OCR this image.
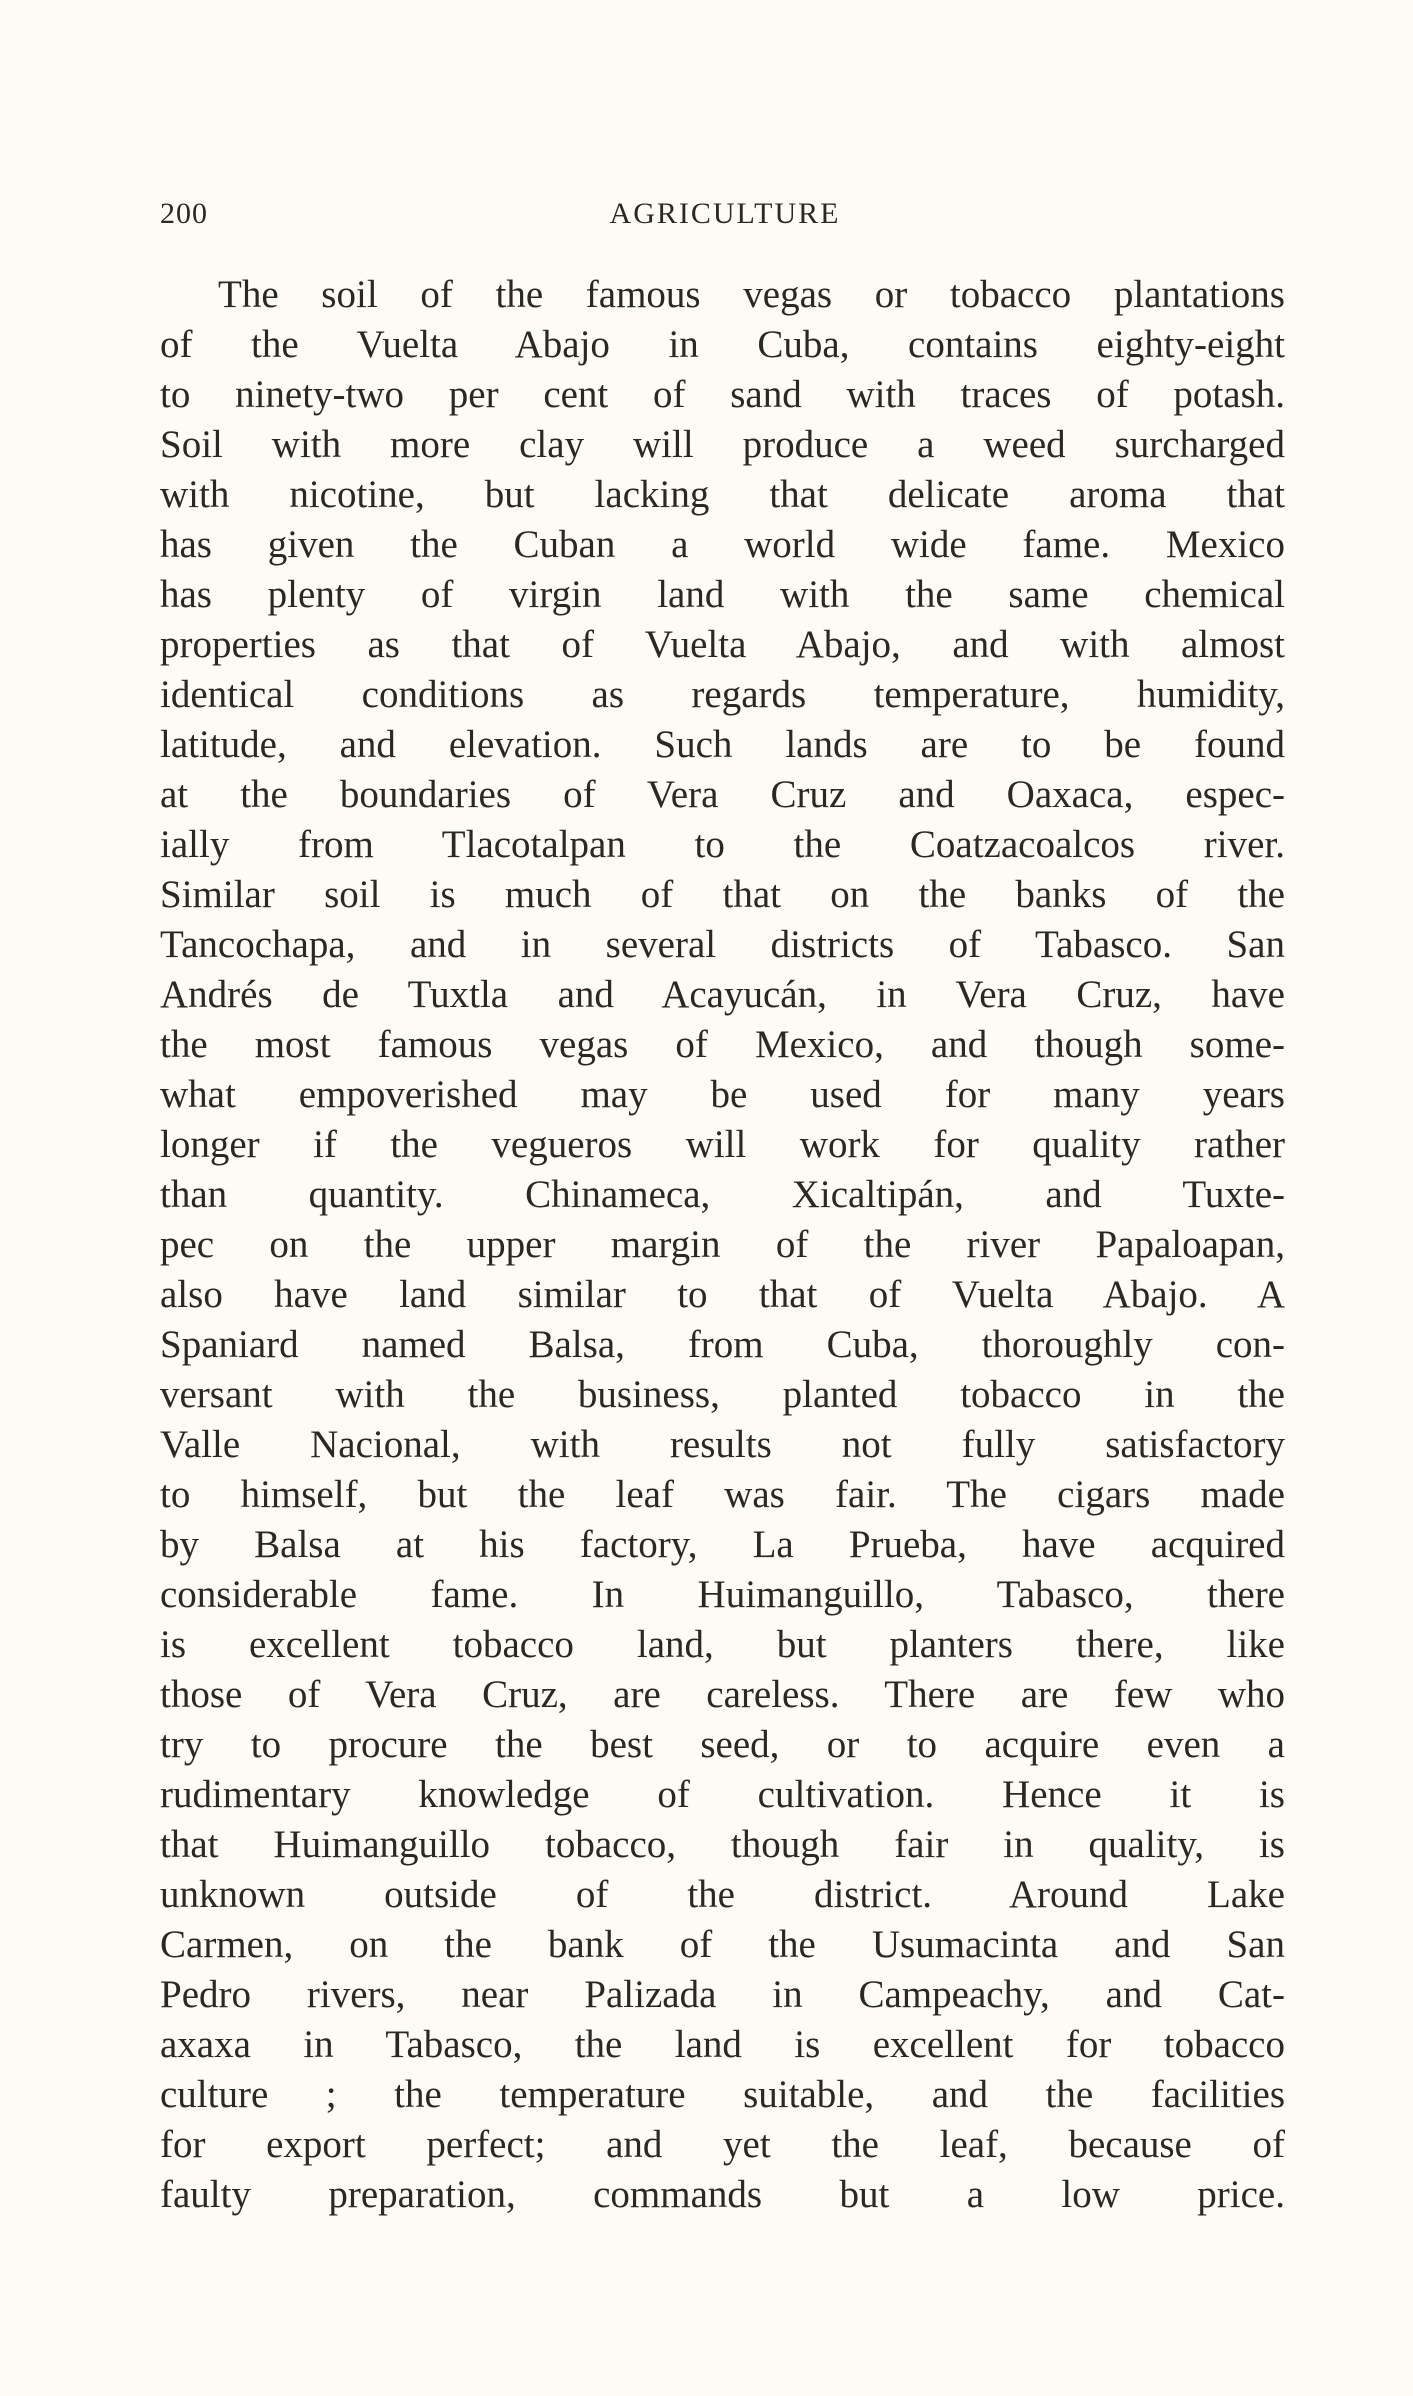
200	AGRICULTURE
The soil of the famous vegas or tobacco plantations
of the Vuelta Abajo in Cuba, contains eighty-eight
to ninety-two per cent of sand with traces of potash.
Soil with more clay will produce a weed surcharged
with nicotine, but lacking that delicate aroma that
has given the Cuban a world wide fame. Mexico
has plenty of virgin land with the same chemical
properties as that of Vuelta Abajo, and with almost
identical conditions as regards temperature, humidity,
latitude, and elevation. Such lands are to be found
at the boundaries of Vera Cruz and Oaxaca, espec-
ially from Tlacotalpan to the Coatzacoalcos river.
Similar soil is much of that on the banks of the
Tancochapa, and in several districts of Tabasco. San
Andrés de Tuxtla and Acayucán, in Vera Cruz, have
the most famous vegas of Mexico, and though some-
what empoverished may be used for many years
longer if the vegueros will work for quality rather
than quantity. Chinameca, Xicaltipán, and Tuxte-
pec on the upper margin of the river Papaloapan,
also have land similar to that of Vuelta Abajo. A
Spaniard named Balsa, from Cuba, thoroughly con-
versant with the business, planted tobacco in the
Valle Nacional, with results not fully satisfactory
to himself, but the leaf was fair. The cigars made
by Balsa at his factory, La Prueba, have acquired
considerable fame. In Huimanguillo, Tabasco, there
is excellent tobacco land, but planters there, like
those of Vera Cruz, are careless. There are few who
try to procure the best seed, or to acquire even a
rudimentary knowledge of cultivation. Hence it is
that Huimanguillo tobacco, though fair in quality, is
unknown outside of the district. Around Lake
Carmen, on the bank of the Usumacinta and San
Pedro rivers, near Palizada in Campeachy, and Cat-
axaxa in Tabasco, the land is excellent for tobacco
culture ; the temperature suitable, and the facilities
for export perfect; and yet the leaf, because of
faulty preparation, commands but a low price.
